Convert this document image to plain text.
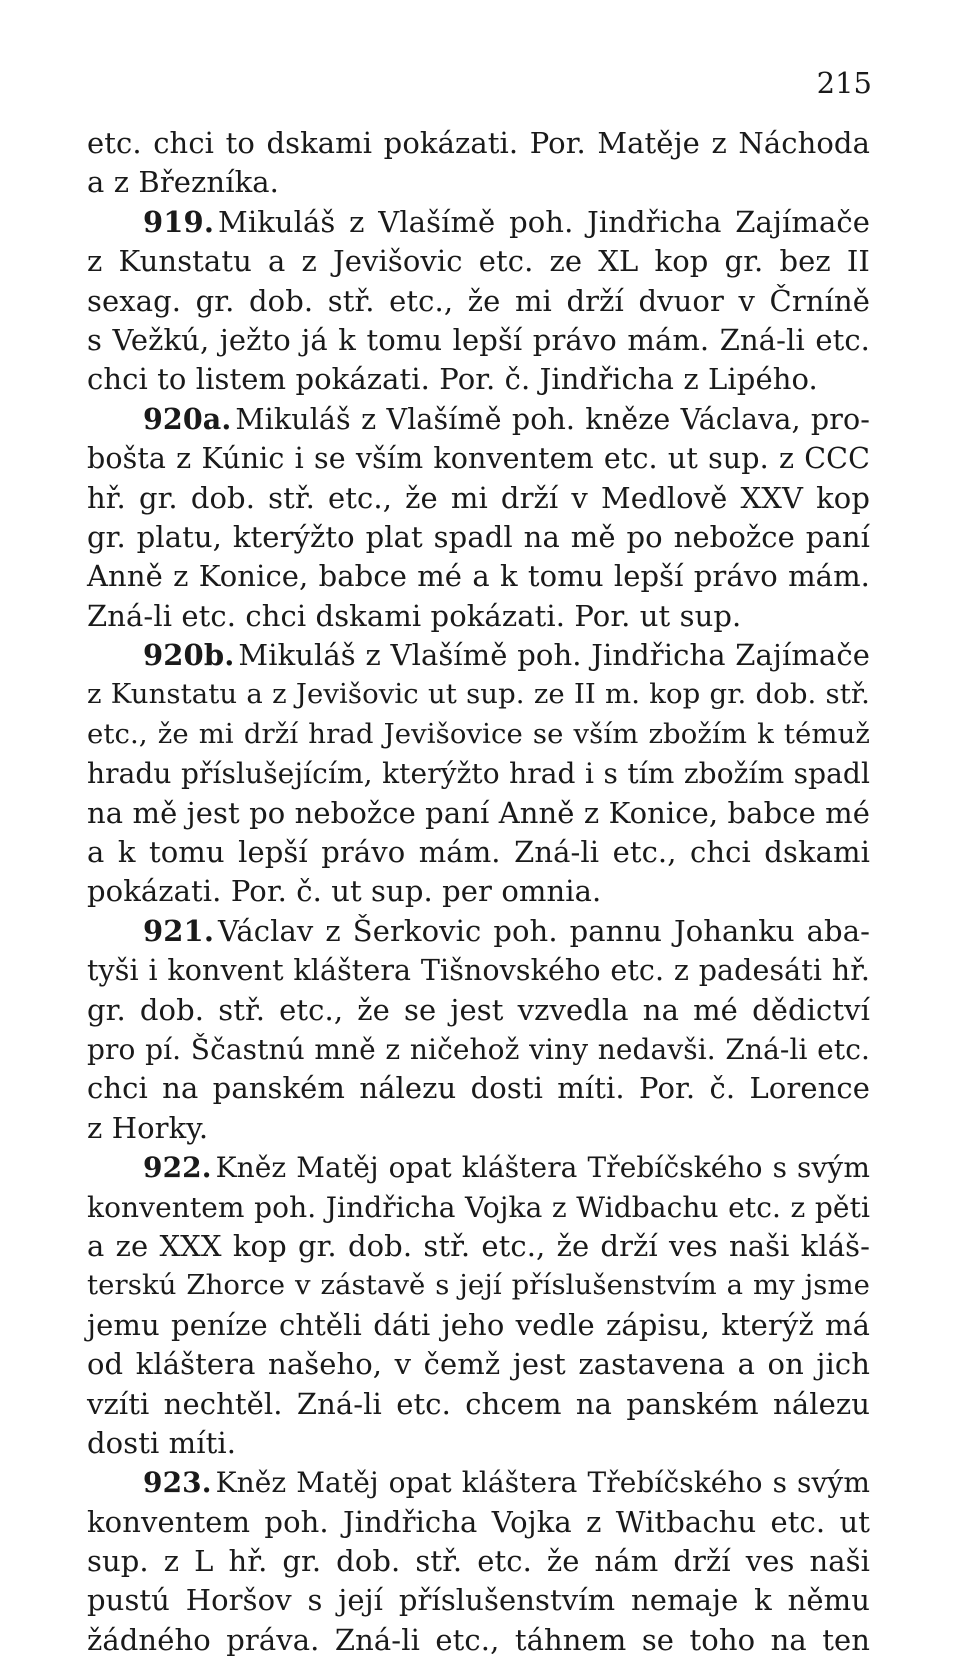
215
etc. chci to dskami pokázati. Por. Matěje z Náchoda
a z Březníka.
919. Mikuláš z Vlašímě poh. Jindřicha Zajímače
z Kunstatu a z Jevišovic etc. ze XL kop gr. bez II
sexag. gr. dob. stř. etc., že mi drží dvuor v Črníně
s Vežkú, ježto já k tomu lepší právo mám. Zná-li etc.
chci to listem pokázati. Por. č. Jindřicha z Lipého.
920a. Mikuláš z Vlašímě poh. kněze Václava, pro-
bošta z Kúnic i se vším konventem etc. ut sup. z CCC
hř. gr. dob. stř. etc., že mi drží v Medlově XXV kop
gr. platu, kterýžto plat spadl na mě po nebožce paní
Anně z Konice, babce mé a k tomu lepší právo mám.
Zná-li etc. chci dskami pokázati. Por. ut sup.
920b. Mikuláš z Vlašímě poh. Jindřicha Zajímače
z Kunstatu a z Jevišovic ut sup. ze II m. kop gr. dob. stř.
etc., že mi drží hrad Jevišovice se vším zbožím k témuž
hradu příslušejícím, kterýžto hrad i s tím zbožím spadl
na mě jest po nebožce paní Anně z Konice, babce mé
a k tomu lepší právo mám. Zná-li etc., chci dskami
pokázati. Por. č. ut sup. per omnia.
921. Václav z Šerkovic poh. pannu Johanku aba-
tyši i konvent kláštera Tišnovského etc. z padesáti hř.
gr. dob. stř. etc., že se jest vzvedla na mé dědictví
pro pí. Ščastnú mně z ničehož viny nedavši. Zná-li etc.
chci na panském nálezu dosti míti. Por. č. Lorence
z Horky.
922. Kněz Matěj opat kláštera Třebíčského s svým
konventem poh. Jindřicha Vojka z Widbachu etc. z pěti
a ze XXX kop gr. dob. stř. etc., že drží ves naši kláš-
terskú Zhorce v zástavě s její příslušenstvím a my jsme
jemu peníze chtěli dáti jeho vedle zápisu, kterýž má
od kláštera našeho, v čemž jest zastavena a on jich
vzíti nechtěl. Zná-li etc. chcem na panském nálezu
dosti míti.
923. Kněz Matěj opat kláštera Třebíčského s svým
konventem poh. Jindřicha Vojka z Witbachu etc. ut
sup. z L hř. gr. dob. stř. etc. že nám drží ves naši
pustú Horšov s její příslušenstvím nemaje k němu
žádného práva. Zná-li etc., táhnem se toho na ten
